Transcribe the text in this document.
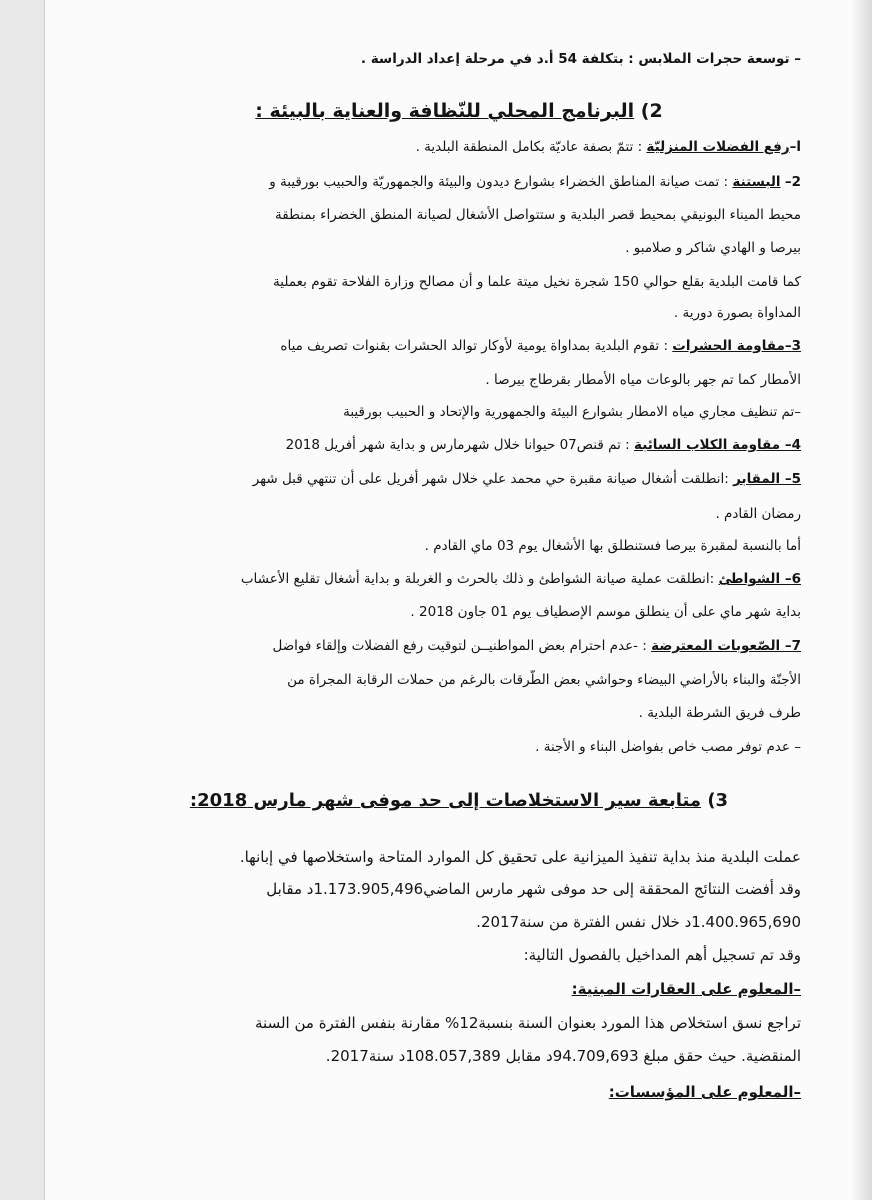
– توسعة حجرات الملابس : بتكلفة 54 أ.د في مرحلة إعداد الدراسة .

2) البرنامج المحلي للنّظافة والعناية بالبيئة :

ا–رفع الفضلات المنزليّة : تتمّ بصفة عاديّة بكامل المنطقة البلدية .

2– البستنة : تمت صيانة المناطق الخضراء بشوارع ديدون والبيئة والجمهوريّة والحبيب بورقيبة و

محيط الميناء البونيقي بمحيط قصر البلدية و ستتواصل الأشغال لصيانة المنطق الخضراء بمنطقة

بيرصا و الهادي شاكر و صلامبو .

كما قامت البلدية بقلع حوالي 150 شجرة نخيل ميتة علما و أن مصالح وزارة الفلاحة تقوم بعملية

المداواة بصورة دورية .

3–مقاومة الحشرات : تقوم البلدية بمداواة يومية لأوكار توالد الحشرات بقنوات تصريف مياه

الأمطار كما تم جهر بالوعات مياه الأمطار بقرطاج بيرصا .

–تم تنظيف مجاري مياه الامطار بشوارع البيئة والجمهورية والإتحاد و الحبيب بورقيبة

4– مقاومة الكلاب السائبة : تم قنص07 حيوانا خلال شهرمارس و بداية شهر أفريل 2018

5– المقابر :انطلقت أشغال صيانة مقبرة حي محمد علي خلال شهر أفريل على أن تنتهي قبل شهر

رمضان القادم .

أما بالنسبة لمقبرة بيرصا فستنطلق بها الأشغال يوم 03 ماي القادم .

6– الشواطئ :انطلقت عملية صيانة الشواطئ و ذلك بالحرث و الغربلة و بداية أشغال تقليع الأعشاب

بداية شهر ماي على أن ينطلق موسم الإصطياف يوم 01 جاون 2018 .

7– الصّعوبات المعترضة : -عدم احترام بعض المواطنيــن لتوقيت رفع الفضلات وإلقاء فواضل

الأجنّة والبناء بالأراضي البيضاء وحواشي بعض الطّرقات بالرغم من حملات الرقابة المجراة من

طرف فريق الشرطة البلدية .

– عدم توفر مصب خاص بفواضل البناء و الأجنة .

3) متابعة سير الاستخلاصات إلى حد موفى شهر مارس 2018:

عملت البلدية منذ بداية تنفيذ الميزانية على تحقيق كل الموارد المتاحة واستخلاصها في إبانها.

وقد أفضت النتائج المحققة إلى حد موفى شهر مارس الماضي1.173.905,496د مقابل

1.400.965,690د خلال نفس الفترة من سنة2017.

وقد تم تسجيل أهم المداخيل بالفصول التالية:

–المعلوم على العقارات المبنية:

تراجع نسق استخلاص هذا المورد بعنوان السنة بنسبة12% مقارنة بنفس الفترة من السنة

المنقضية. حيث حقق مبلغ 94.709,693د مقابل 108.057,389د سنة2017.

–المعلوم على المؤسسات:
